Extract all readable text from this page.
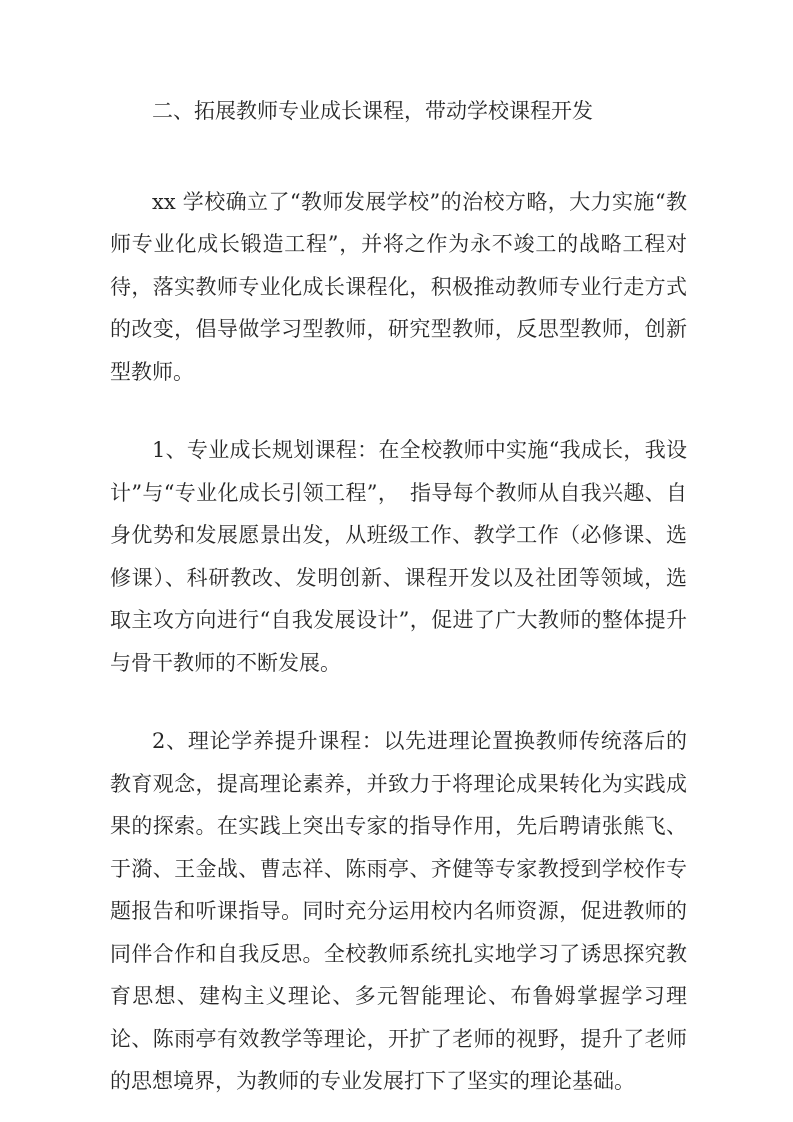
二、拓展教师专业成长课程，带动学校课程开发

xx 学校确立了“教师发展学校”的治校方略，大力实施“教师专业化成长锻造工程”，并将之作为永不竣工的战略工程对待，落实教师专业化成长课程化，积极推动教师专业行走方式的改变，倡导做学习型教师，研究型教师，反思型教师，创新型教师。

1、专业成长规划课程：在全校教师中实施“我成长，我设计”与“专业化成长引领工程”，　指导每个教师从自我兴趣、自身优势和发展愿景出发，从班级工作、教学工作（必修课、选修课）、科研教改、发明创新、课程开发以及社团等领域，选取主攻方向进行“自我发展设计”，促进了广大教师的整体提升与骨干教师的不断发展。

2、理论学养提升课程：以先进理论置换教师传统落后的教育观念，提高理论素养，并致力于将理论成果转化为实践成果的探索。在实践上突出专家的指导作用，先后聘请张熊飞、于漪、王金战、曹志祥、陈雨亭、齐健等专家教授到学校作专题报告和听课指导。同时充分运用校内名师资源，促进教师的同伴合作和自我反思。全校教师系统扎实地学习了诱思探究教育思想、建构主义理论、多元智能理论、布鲁姆掌握学习理论、陈雨亭有效教学等理论，开扩了老师的视野，提升了老师的思想境界，为教师的专业发展打下了坚实的理论基础。
